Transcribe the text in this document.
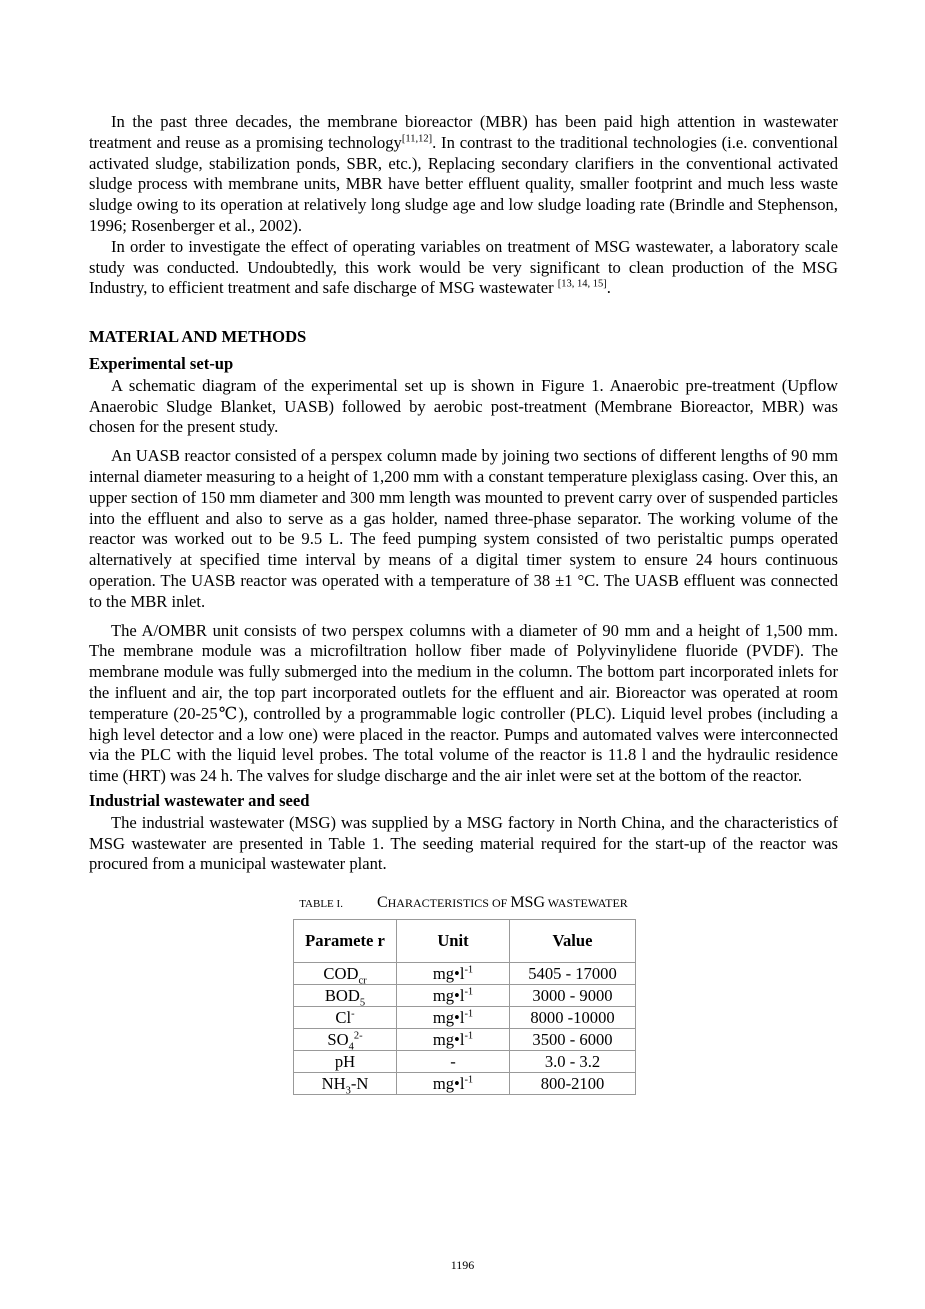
In the past three decades, the membrane bioreactor (MBR) has been paid high attention in wastewater treatment and reuse as a promising technology[11,12]. In contrast to the traditional technologies (i.e. conventional activated sludge, stabilization ponds, SBR, etc.), Replacing secondary clarifiers in the conventional activated sludge process with membrane units, MBR have better effluent quality, smaller footprint and much less waste sludge owing to its operation at relatively long sludge age and low sludge loading rate (Brindle and Stephenson, 1996; Rosenberger et al., 2002).

In order to investigate the effect of operating variables on treatment of MSG wastewater, a laboratory scale study was conducted. Undoubtedly, this work would be very significant to clean production of the MSG Industry, to efficient treatment and safe discharge of MSG wastewater [13, 14, 15].

MATERIAL AND METHODS
Experimental set-up

A schematic diagram of the experimental set up is shown in Figure 1. Anaerobic pre-treatment (Upflow Anaerobic Sludge Blanket, UASB) followed by aerobic post-treatment (Membrane Bioreactor, MBR) was chosen for the present study.

An UASB reactor consisted of a perspex column made by joining two sections of different lengths of 90 mm internal diameter measuring to a height of 1,200 mm with a constant temperature plexiglass casing. Over this, an upper section of 150 mm diameter and 300 mm length was mounted to prevent carry over of suspended particles into the effluent and also to serve as a gas holder, named three-phase separator. The working volume of the reactor was worked out to be 9.5 L. The feed pumping system consisted of two peristaltic pumps operated alternatively at specified time interval by means of a digital timer system to ensure 24 hours continuous operation. The UASB reactor was operated with a temperature of 38 ±1 °C. The UASB effluent was connected to the MBR inlet.

The A/OMBR unit consists of two perspex columns with a diameter of 90 mm and a height of 1,500 mm. The membrane module was a microfiltration hollow fiber made of Polyvinylidene fluoride (PVDF). The membrane module was fully submerged into the medium in the column. The bottom part incorporated inlets for the influent and air, the top part incorporated outlets for the effluent and air. Bioreactor was operated at room temperature (20-25℃), controlled by a programmable logic controller (PLC). Liquid level probes (including a high level detector and a low one) were placed in the reactor. Pumps and automated valves were interconnected via the PLC with the liquid level probes. The total volume of the reactor is 11.8 l and the hydraulic residence time (HRT) was 24 h. The valves for sludge discharge and the air inlet were set at the bottom of the reactor.

Industrial wastewater and seed

The industrial wastewater (MSG) was supplied by a MSG factory in North China, and the characteristics of MSG wastewater are presented in Table 1. The seeding material required for the start-up of the reactor was procured from a municipal wastewater plant.

TABLE I. CHARACTERISTICS OF MSG WASTEWATER
Paramete r	Unit	Value
$COD_{cr}$	$mg•l^{-1}$	5405 - 17000
$BOD_5$	$mg•l^{-1}$	3000 - 9000
Cl-	$mg•l^{-1}$	8000 -10000
$SO_4^{2-}$	$mg•l^{-1}$	3500 - 6000
pH	-	3.0 - 3.2
$NH_3-N$	$mg•l^{-1}$	800-2100
1196
